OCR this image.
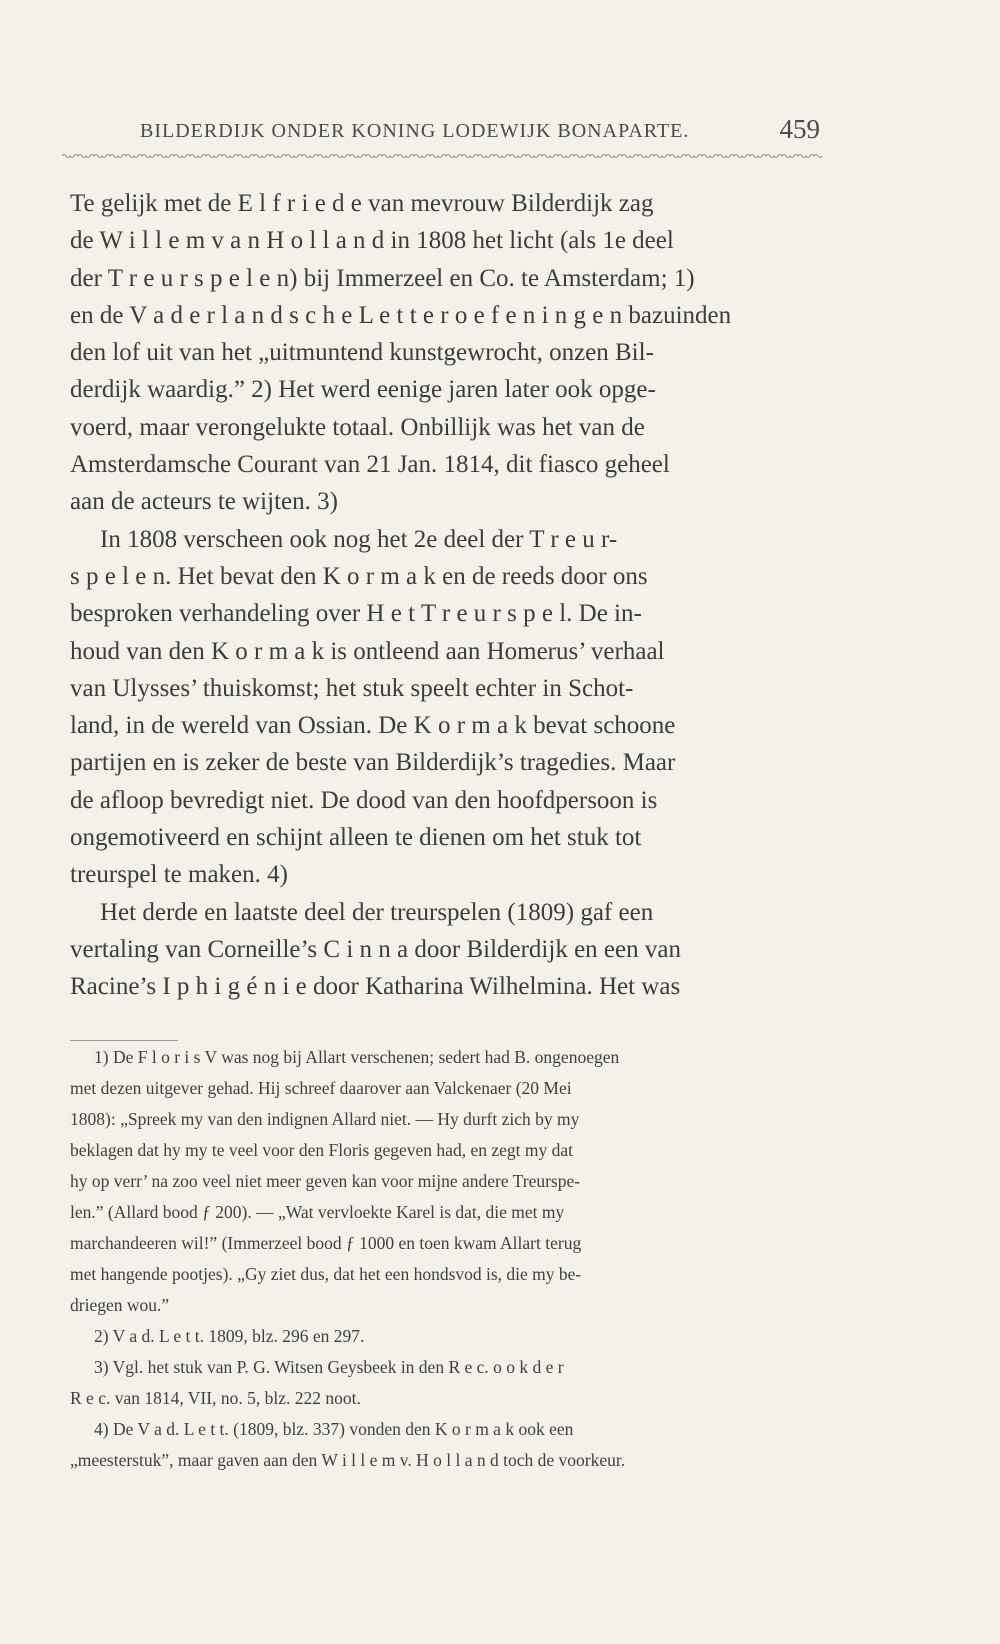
BILDERDIJK ONDER KONING LODEWIJK BONAPARTE.	459
Te gelijk met de E l f r i e d e van mevrouw Bilderdijk zag
de W i l l e m v a n H o l l a n d in 1808 het licht (als 1e deel
der T r e u r s p e l e n) bij Immerzeel en Co. te Amsterdam; 1)
en de V a d e r l a n d s c h e L e t t e r o e f e n i n g e n bazuinden
den lof uit van het „uitmuntend kunstgewrocht, onzen Bil-
derdijk waardig.” 2) Het werd eenige jaren later ook opge-
voerd, maar verongelukte totaal. Onbillijk was het van de
Amsterdamsche Courant van 21 Jan. 1814, dit fiasco geheel
aan de acteurs te wijten. 3)
In 1808 verscheen ook nog het 2e deel der T r e u r-
s p e l e n. Het bevat den K o r m a k en de reeds door ons
besproken verhandeling over H e t T r e u r s p e l. De in-
houd van den K o r m a k is ontleend aan Homerus’ verhaal
van Ulysses’ thuiskomst; het stuk speelt echter in Schot-
land, in de wereld van Ossian. De K o r m a k bevat schoone
partijen en is zeker de beste van Bilderdijk’s tragedies. Maar
de afloop bevredigt niet. De dood van den hoofdpersoon is
ongemotiveerd en schijnt alleen te dienen om het stuk tot
treurspel te maken. 4)
Het derde en laatste deel der treurspelen (1809) gaf een
vertaling van Corneille’s C i n n a door Bilderdijk en een van
Racine’s I p h i g é n i e door Katharina Wilhelmina. Het was
1) De F l o r i s V was nog bij Allart verschenen; sedert had B. ongenoegen
met dezen uitgever gehad. Hij schreef daarover aan Valckenaer (20 Mei
1808): „Spreek my van den indignen Allard niet. — Hy durft zich by my
beklagen dat hy my te veel voor den Floris gegeven had, en zegt my dat
hy op verr’ na zoo veel niet meer geven kan voor mijne andere Treurspe-
len.” (Allard bood ƒ 200). — „Wat vervloekte Karel is dat, die met my
marchandeeren wil!” (Immerzeel bood ƒ 1000 en toen kwam Allart terug
met hangende pootjes). „Gy ziet dus, dat het een hondsvod is, die my be-
driegen wou.”
2) V a d. L e t t. 1809, blz. 296 en 297.
3) Vgl. het stuk van P. G. Witsen Geysbeek in den R e c. o o k d e r
R e c. van 1814, VII, no. 5, blz. 222 noot.
4) De V a d. L e t t. (1809, blz. 337) vonden den K o r m a k ook een
„meesterstuk”, maar gaven aan den W i l l e m v. H o l l a n d toch de voorkeur.
